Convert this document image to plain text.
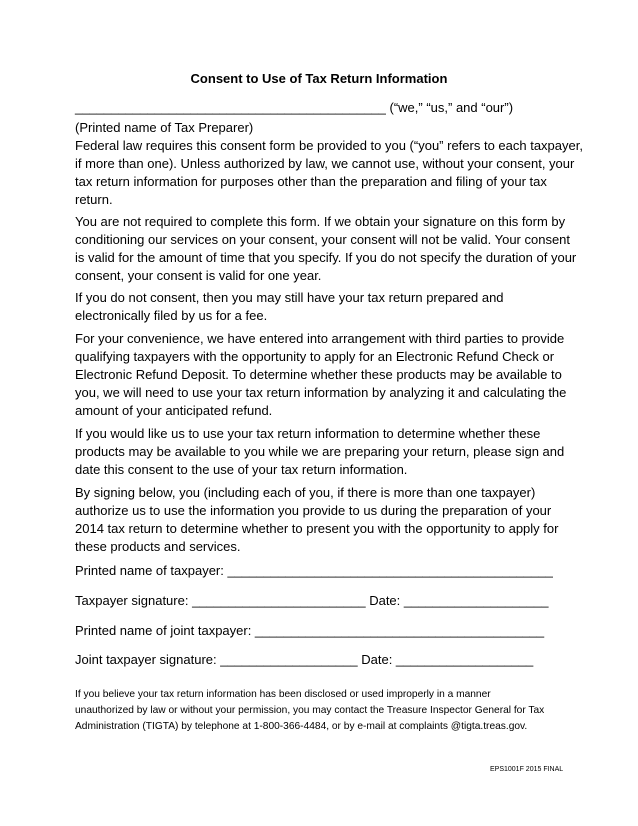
Consent to Use of Tax Return Information
___________________________________________ (“we,” “us,” and “our”)
(Printed name of Tax Preparer)
Federal law requires this consent form be provided to you (“you” refers to each taxpayer,
if more than one). Unless authorized by law, we cannot use, without your consent, your
tax return information for purposes other than the preparation and filing of your tax
return.
You are not required to complete this form. If we obtain your signature on this form by
conditioning our services on your consent, your consent will not be valid. Your consent
is valid for the amount of time that you specify. If you do not specify the duration of your
consent, your consent is valid for one year.
If you do not consent, then you may still have your tax return prepared and
electronically filed by us for a fee.
For your convenience, we have entered into arrangement with third parties to provide
qualifying taxpayers with the opportunity to apply for an Electronic Refund Check or
Electronic Refund Deposit. To determine whether these products may be available to
you, we will need to use your tax return information by analyzing it and calculating the
amount of your anticipated refund.
If you would like us to use your tax return information to determine whether these
products may be available to you while we are preparing your return, please sign and
date this consent to the use of your tax return information.
By signing below, you (including each of you, if there is more than one taxpayer)
authorize us to use the information you provide to us during the preparation of your
2014 tax return to determine whether to present you with the opportunity to apply for
these products and services.
Printed name of taxpayer: _____________________________________________
Taxpayer signature: ________________________ Date: ____________________
Printed name of joint taxpayer: ________________________________________
Joint taxpayer signature: ___________________ Date: ___________________
If you believe your tax return information has been disclosed or used improperly in a manner
unauthorized by law or without your permission, you may contact the Treasure Inspector General for Tax
Administration (TIGTA) by telephone at 1-800-366-4484, or by e-mail at complaints @tigta.treas.gov.
EPS1001F 2015 FINAL
